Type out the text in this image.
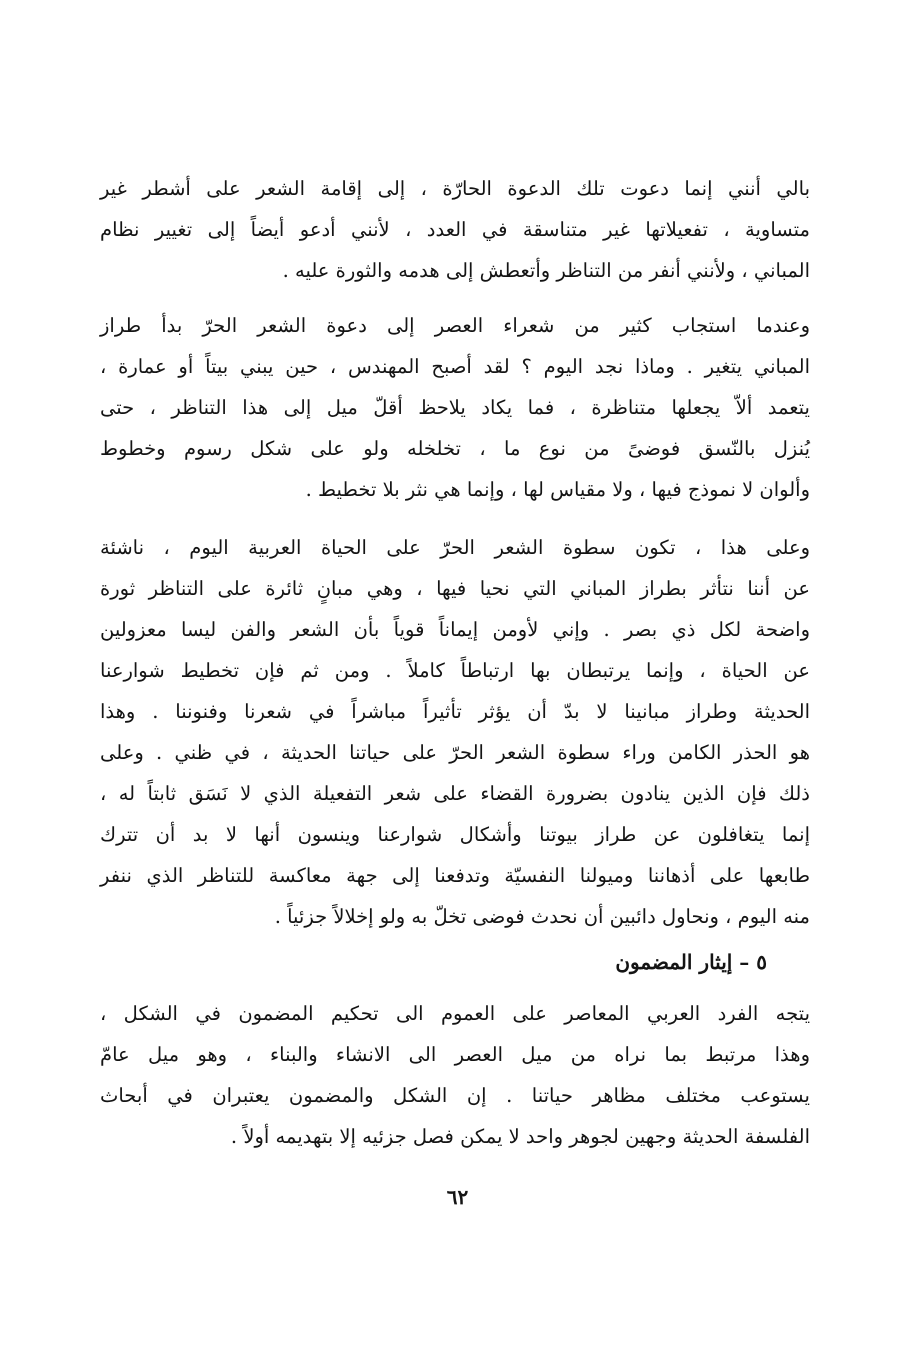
بالي أنني إنما دعوت تلك الدعوة الحارّة ، إلى إقامة الشعر على أشطر غير
متساوية ، تفعيلاتها غير متناسقة في العدد ، لأنني أدعو أيضاً إلى تغيير نظام
المباني ، ولأنني أنفر من التناظر وأتعطش إلى هدمه والثورة عليه .

وعندما استجاب كثير من شعراء العصر إلى دعوة الشعر الحرّ بدأ طراز
المباني يتغير . وماذا نجد اليوم ؟ لقد أصبح المهندس ، حين يبني بيتاً أو عمارة ،
يتعمد ألاّ يجعلها متناظرة ، فما يكاد يلاحظ أقلّ ميل إلى هذا التناظر ، حتى
يُنزل بالنّسق فوضىً من نوع ما ، تخلخله ولو على شكل رسوم وخطوط
وألوان لا نموذج فيها ، ولا مقياس لها ، وإنما هي نثر بلا تخطيط .

وعلى هذا ، تكون سطوة الشعر الحرّ على الحياة العربية اليوم ، ناشئة
عن أننا نتأثر بطراز المباني التي نحيا فيها ، وهي مبانٍ ثائرة على التناظر ثورة
واضحة لكل ذي بصر . وإني لأومن إيماناً قوياً بأن الشعر والفن ليسا معزولين
عن الحياة ، وإنما يرتبطان بها ارتباطاً كاملاً . ومن ثم فإن تخطيط شوارعنا
الحديثة وطراز مبانينا لا بدّ أن يؤثر تأثيراً مباشراً في شعرنا وفنوننا . وهذا
هو الحذر الكامن وراء سطوة الشعر الحرّ على حياتنا الحديثة ، في ظني . وعلى
ذلك فإن الذين ينادون بضرورة القضاء على شعر التفعيلة الذي لا نَسَق ثابتاً له ،
إنما يتغافلون عن طراز بيوتنا وأشكال شوارعنا وينسون أنها لا بد أن تترك
طابعها على أذهاننا وميولنا النفسيّة وتدفعنا إلى جهة معاكسة للتناظر الذي ننفر
منه اليوم ، ونحاول دائبين أن نحدث فوضى تخلّ به ولو إخلالاً جزئياً .

٥ – إيثار المضمون

يتجه الفرد العربي المعاصر على العموم الى تحكيم المضمون في الشكل ،
وهذا مرتبط بما نراه من ميل العصر الى الانشاء والبناء ، وهو ميل عامّ
يستوعب مختلف مظاهر حياتنا . إن الشكل والمضمون يعتبران في أبحاث
الفلسفة الحديثة وجهين لجوهر واحد لا يمكن فصل جزئيه إلا بتهديمه أولاً .

٦٢
